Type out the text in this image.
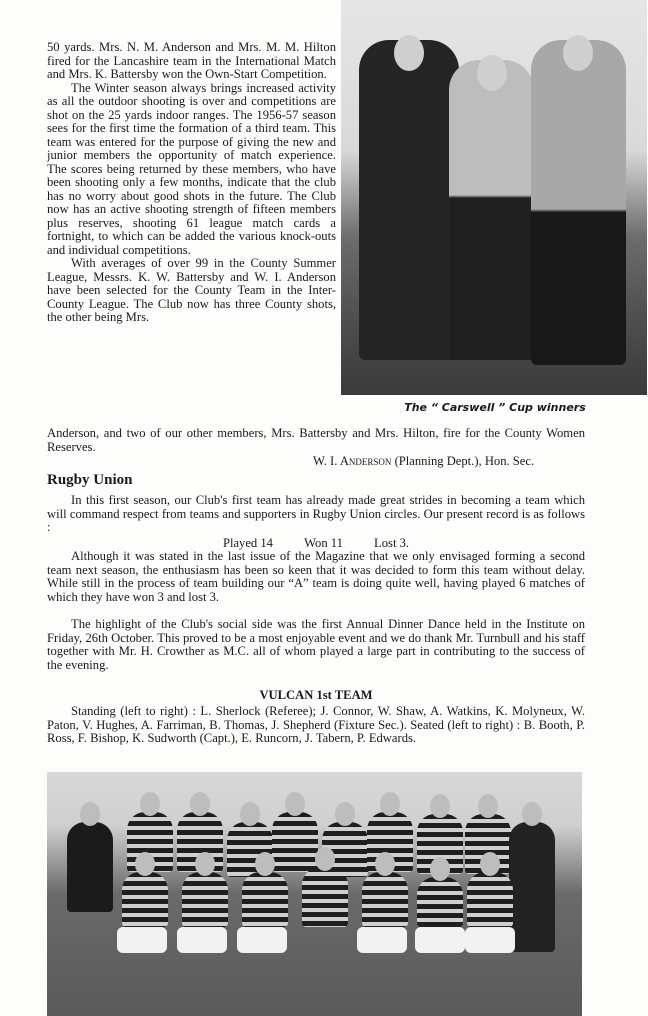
50 yards. Mrs. N. M. Anderson and Mrs. M. M. Hilton fired for the Lancashire team in the International Match and Mrs. K. Battersby won the Own-Start Competition.

The Winter season always brings increased activity as all the outdoor shooting is over and competitions are shot on the 25 yards indoor ranges. The 1956-57 season sees for the first time the formation of a third team. This team was entered for the purpose of giving the new and junior members the opportunity of match experience. The scores being returned by these members, who have been shooting only a few months, indicate that the club has no worry about good shots in the future. The Club now has an active shooting strength of fifteen members plus reserves, shooting 61 league match cards a fortnight, to which can be added the various knock-outs and individual competitions.

With averages of over 99 in the County Summer League, Messrs. K. W. Battersby and W. I. Anderson have been selected for the County Team in the Inter-County League. The Club now has three County shots, the other being Mrs.

The “ Carswell ” Cup winners
Anderson, and two of our other members, Mrs. Battersby and Mrs. Hilton, fire for the County Women Reserves.
W. I. Anderson (Planning Dept.), Hon. Sec.
Rugby Union
In this first season, our Club's first team has already made great strides in becoming a team which will command respect from teams and supporters in Rugby Union circles. Our present record is as follows :
Played 14 Won 11 Lost 3.
Although it was stated in the last issue of the Magazine that we only envisaged forming a second team next season, the enthusiasm has been so keen that it was decided to form this team without delay. While still in the process of team building our “A” team is doing quite well, having played 6 matches of which they have won 3 and lost 3.
The highlight of the Club's social side was the first Annual Dinner Dance held in the Institute on Friday, 26th October. This proved to be a most enjoyable event and we do thank Mr. Turnbull and his staff together with Mr. H. Crowther as M.C. all of whom played a large part in contributing to the success of the evening.
VULCAN 1st TEAM
Standing (left to right) : L. Sherlock (Referee); J. Connor, W. Shaw, A. Watkins, K. Molyneux, W. Paton, V. Hughes, A. Farriman, B. Thomas, J. Shepherd (Fixture Sec.). Seated (left to right) : B. Booth, P. Ross, F. Bishop, K. Sudworth (Capt.), E. Runcorn, J. Tabern, P. Edwards.
